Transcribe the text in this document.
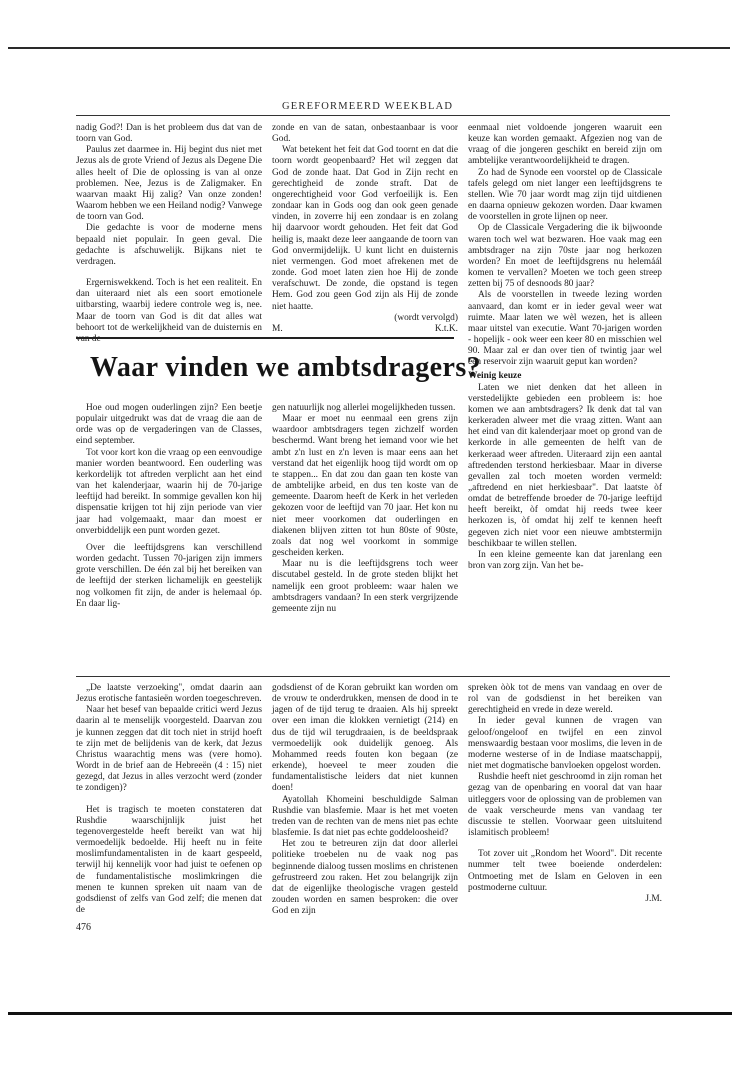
GEREFORMEERD WEEKBLAD

nadig God?! Dan is het probleem dus dat van de toorn van God.

Paulus zet daarmee in. Hij begint dus niet met Jezus als de grote Vriend of Jezus als Degene Die alles heelt of Die de oplossing is van al onze problemen. Nee, Jezus is de Zaligmaker. En waarvan maakt Hij zalig? Van onze zonden! Waarom hebben we een Heiland nodig? Vanwege de toorn van God.

Die gedachte is voor de moderne mens bepaald niet populair. In geen geval. Die gedachte is afschuwelijk. Bijkans niet te verdragen.

Ergerniswekkend. Toch is het een realiteit. En dan uiteraard niet als een soort emotionele uitbarsting, waarbij iedere controle weg is, nee. Maar de toorn van God is dit dat alles wat behoort tot de werkelijkheid van de duisternis en

zonde en van de satan, onbestaanbaar is voor God.

Wat betekent het feit dat God toornt en dat die toorn wordt geopenbaard? Het wil zeggen dat God de zonde haat. Dat God in Zijn recht en gerechtigheid de zonde straft. Dat de ongerechtigheid voor God verfoeilijk is. Een zondaar kan in Gods oog dan ook geen genade vinden, in zoverre hij een zondaar is en zolang hij daarvoor wordt gehouden. Het feit dat God heilig is, maakt deze leer aangaande de toorn van God onvermijdelijk. U kunt licht en duisternis niet vermengen. God moet afrekenen met de zonde. God moet laten zien hoe Hij de zonde verafschuwt. De zonde, die opstand is tegen Hem. God zou geen God zijn als Hij de zonde niet haatte.

(wordt vervolgd)

M.	K.t.K.
Waar vinden we ambtsdragers?

Hoe oud mogen ouderlingen zijn? Een beetje populair uitgedrukt was dat de vraag die aan de orde was op de vergaderingen van de Classes, eind september.

Tot voor kort kon die vraag op een eenvoudige manier worden beantwoord. Een ouderling was kerkordelijk tot aftreden verplicht aan het eind van het kalenderjaar, waarin hij de 70-jarige leeftijd had bereikt. In sommige gevallen kon hij dispensatie krijgen tot hij zijn periode van vier jaar had volgemaakt, maar dan moest er onverbiddelijk een punt worden gezet.

Over die leeftijdsgrens kan verschillend worden gedacht. Tussen 70-jarigen zijn immers grote verschillen. De één zal bij het bereiken van de leeftijd der sterken lichamelijk en geestelijk nog volkomen fit zijn, de ander is helemaal óp. En daar lig-

gen natuurlijk nog allerlei mogelijkheden tussen.

Maar er moet nu eenmaal een grens zijn waardoor ambtsdragers tegen zichzelf worden beschermd. Want breng het iemand voor wie het ambt z'n lust en z'n leven is maar eens aan het verstand dat het eigenlijk hoog tijd wordt om op te stappen... En dat zou dan gaan ten koste van de ambtelijke arbeid, en dus ten koste van de gemeente. Daarom heeft de Kerk in het verleden gekozen voor de leeftijd van 70 jaar. Het kon nu niet meer voorkomen dat ouderlingen en diakenen blijven zitten tot hun 80ste of 90ste, zoals dat nog wel voorkomt in sommige gescheiden kerken.

Maar nu is die leeftijdsgrens toch weer discutabel gesteld. In de grote steden blijkt het namelijk een groot probleem: waar halen we ambtsdragers vandaan? In een sterk vergrijzende gemeente zijn nu

eenmaal niet voldoende jongeren waaruit een keuze kan worden gemaakt. Afgezien nog van de vraag of die jongeren geschikt en bereid zijn om ambtelijke verantwoordelijkheid te dragen.

Zo had de Synode een voorstel op de Classicale tafels gelegd om niet langer een leeftijdsgrens te stellen. Wie 70 jaar wordt mag zijn tijd uitdienen en daarna opnieuw gekozen worden. Daar kwamen de voorstellen in grote lijnen op neer.

Op de Classicale Vergadering die ik bijwoonde waren toch wel wat bezwaren. Hoe vaak mag een ambtsdrager na zijn 70ste jaar nog herkozen worden? En moet de leeftijdsgrens nu helemáál komen te vervallen? Moeten we toch geen streep zetten bij 75 of desnoods 80 jaar?

Als de voorstellen in tweede lezing worden aanvaard, dan komt er in ieder geval weer wat ruimte. Maar laten we wèl wezen, het is alleen maar uitstel van executie. Want 70-jarigen worden - hopelijk - ook weer een keer 80 en misschien wel 90. Maar zal er dan over tien of twintig jaar wel een reservoir zijn waaruit geput kan worden?

Weinig keuze

Laten we niet denken dat het alleen in verstedelijkte gebieden een probleem is: hoe komen we aan ambtsdragers? Ik denk dat tal van kerkeraden alweer met die vraag zitten. Want aan het eind van dit kalenderjaar moet op grond van de kerkorde in alle gemeenten de helft van de kerkeraad weer aftreden. Uiteraard zijn een aantal aftredenden terstond herkiesbaar. Maar in diverse gevallen zal toch moeten worden vermeld: „aftredend en niet herkiesbaar". Dat laatste òf omdat de betreffende broeder de 70-jarige leeftijd heeft bereikt, òf omdat hij reeds twee keer herkozen is, òf omdat hij zelf te kennen heeft gegeven zich niet voor een nieuwe ambtstermijn beschikbaar te willen stellen.

In een kleine gemeente kan dat jarenlang een bron van zorg zijn. Van het be-

„De laatste verzoeking", omdat daarin aan Jezus erotische fantasieën worden toegeschreven.

Naar het besef van bepaalde critici werd Jezus daarin al te menselijk voorgesteld. Daarvan zou je kunnen zeggen dat dit toch niet in strijd hoeft te zijn met de belijdenis van de kerk, dat Jezus Christus waarachtig mens was (vere homo). Wordt in de brief aan de Hebreeën (4 : 15) niet gezegd, dat Jezus in alles verzocht werd (zonder te zondigen)?

Het is tragisch te moeten constateren dat Rushdie waarschijnlijk juist het tegenovergestelde heeft bereikt van wat hij vermoedelijk bedoelde. Hij heeft nu in feite moslimfundamentalisten in de kaart gespeeld, terwijl hij kennelijk voor had juist te oefenen op de fundamentalistische moslimkringen die menen te kunnen spreken uit naam van de godsdienst of zelfs van God zelf; die menen dat de

godsdienst of de Koran gebruikt kan worden om de vrouw te onderdrukken, mensen de dood in te jagen of de tijd terug te draaien. Als hij spreekt over een iman die klokken vernietigt (214) en dus de tijd wil terugdraaien, is de beeldspraak vermoedelijk ook duidelijk genoeg. Als Mohammed reeds fouten kon begaan (ze erkende), hoeveel te meer zouden die fundamentalistische leiders dat niet kunnen doen!

Ayatollah Khomeini beschuldigde Salman Rushdie van blasfemie. Maar is het met voeten treden van de rechten van de mens niet pas echte blasfemie. Is dat niet pas echte goddeloosheid?

Het zou te betreuren zijn dat door allerlei politieke troebelen nu de vaak nog pas beginnende dialoog tussen moslims en christenen gefrustreerd zou raken. Het zou belangrijk zijn dat de eigenlijke theologische vragen gesteld zouden worden en samen besproken: die over God en zijn

spreken òòk tot de mens van vandaag en over de rol van de godsdienst in het bereiken van gerechtigheid en vrede in deze wereld.

In ieder geval kunnen de vragen van geloof/ongeloof en twijfel en een zinvol menswaardig bestaan voor moslims, die leven in de moderne westerse of in de Indiase maatschappij, niet met dogmatische banvloeken opgelost worden.

Rushdie heeft niet geschroomd in zijn roman het gezag van de openbaring en vooral dat van haar uitleggers voor de oplossing van de problemen van de vaak verscheurde mens van vandaag ter discussie te stellen. Voorwaar geen uitsluitend islamitisch probleem!

Tot zover uit „Rondom het Woord". Dit recente nummer telt twee boeiende onderdelen: Ontmoeting met de Islam en Geloven in een postmoderne cultuur.

J.M.

476
